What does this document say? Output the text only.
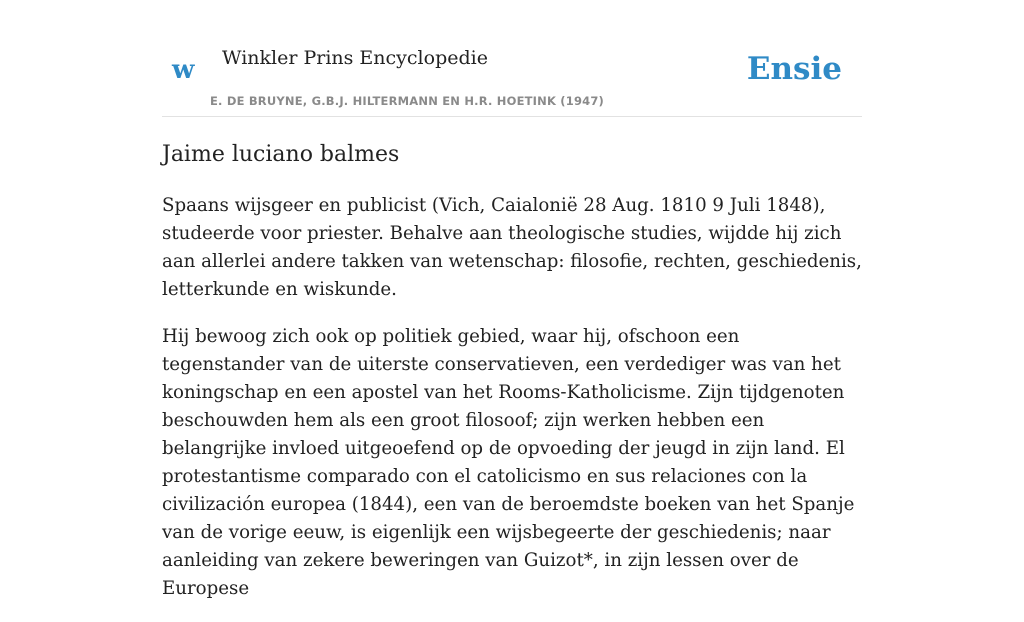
w Winkler Prins Encyclopedie
E. DE BRUYNE, G.B.J. HILTERMANN EN H.R. HOETINK (1947)
Ensie
Jaime luciano balmes

Spaans wijsgeer en publicist (Vich, Caialonië 28 Aug. 1810 9 Juli 1848), studeerde voor priester. Behalve aan theologische studies, wijdde hij zich aan allerlei andere takken van wetenschap: filosofie, rechten, geschiedenis, letterkunde en wiskunde.

Hij bewoog zich ook op politiek gebied, waar hij, ofschoon een tegenstander van de uiterste conservatieven, een verdediger was van het koningschap en een apostel van het Rooms-Katholicisme. Zijn tijdgenoten beschouwden hem als een groot filosoof; zijn werken hebben een belangrijke invloed uitgeoefend op de opvoeding der jeugd in zijn land. El protestantisme comparado con el catolicismo en sus relaciones con la civilización europea (1844), een van de beroemdste boeken van het Spanje van de vorige eeuw, is eigenlijk een wijsbegeerte der geschiedenis; naar aanleiding van zekere beweringen van Guizot*, in zijn lessen over de Europese
